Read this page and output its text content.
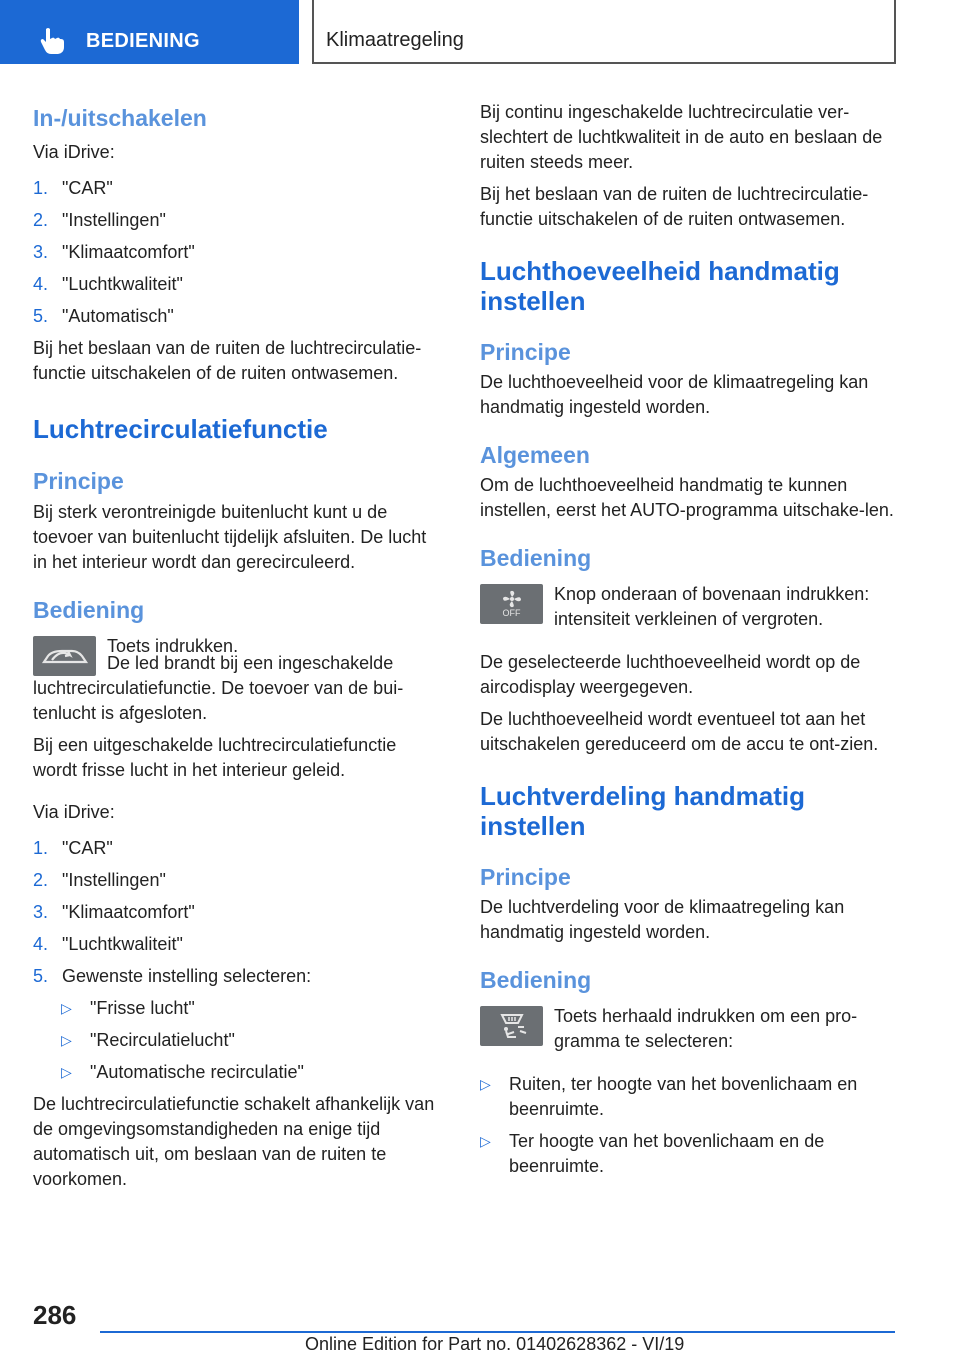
BEDIENING	Klimaatregeling
In-/uitschakelen
Via iDrive:
1. "CAR"
2. "Instellingen"
3. "Klimaatcomfort"
4. "Luchtkwaliteit"
5. "Automatisch"
Bij het beslaan van de ruiten de luchtrecirculatie-functie uitschakelen of de ruiten ontwasemen.
Luchtrecirculatiefunctie
Principe
Bij sterk verontreinigde buitenlucht kunt u de toevoer van buitenlucht tijdelijk afsluiten. De lucht in het interieur wordt dan gerecirculeerd.
Bediening
Toets indrukken.
De led brandt bij een ingeschakelde luchtrecirculatiefunctie. De toevoer van de bui-tenlucht is afgesloten.
Bij een uitgeschakelde luchtrecirculatiefunctie wordt frisse lucht in het interieur geleid.
Via iDrive:
1. "CAR"
2. "Instellingen"
3. "Klimaatcomfort"
4. "Luchtkwaliteit"
5. Gewenste instelling selecteren:
▷	"Frisse lucht"
▷	"Recirculatielucht"
▷	"Automatische recirculatie"
De luchtrecirculatiefunctie schakelt afhankelijk van de omgevingsomstandigheden na enige tijd automatisch uit, om beslaan van de ruiten te voorkomen.
Bij continu ingeschakelde luchtrecirculatie ver-slechtert de luchtkwaliteit in de auto en beslaan de ruiten steeds meer.
Bij het beslaan van de ruiten de luchtrecirculatie-functie uitschakelen of de ruiten ontwasemen.
Luchthoeveelheid handmatig instellen
Principe
De luchthoeveelheid voor de klimaatregeling kan handmatig ingesteld worden.
Algemeen
Om de luchthoeveelheid handmatig te kunnen instellen, eerst het AUTO-programma uitschake-len.
Bediening
OFF
Knop onderaan of bovenaan indrukken: intensiteit verkleinen of vergroten.
De geselecteerde luchthoeveelheid wordt op de aircodisplay weergegeven.
De luchthoeveelheid wordt eventueel tot aan het uitschakelen gereduceerd om de accu te ont-zien.
Luchtverdeling handmatig instellen
Principe
De luchtverdeling voor de klimaatregeling kan handmatig ingesteld worden.
Bediening
Toets herhaald indrukken om een pro-gramma te selecteren:
▷	Ruiten, ter hoogte van het bovenlichaam en beenruimte.
▷	Ter hoogte van het bovenlichaam en de beenruimte.
286
Online Edition for Part no. 01402628362 - VI/19
